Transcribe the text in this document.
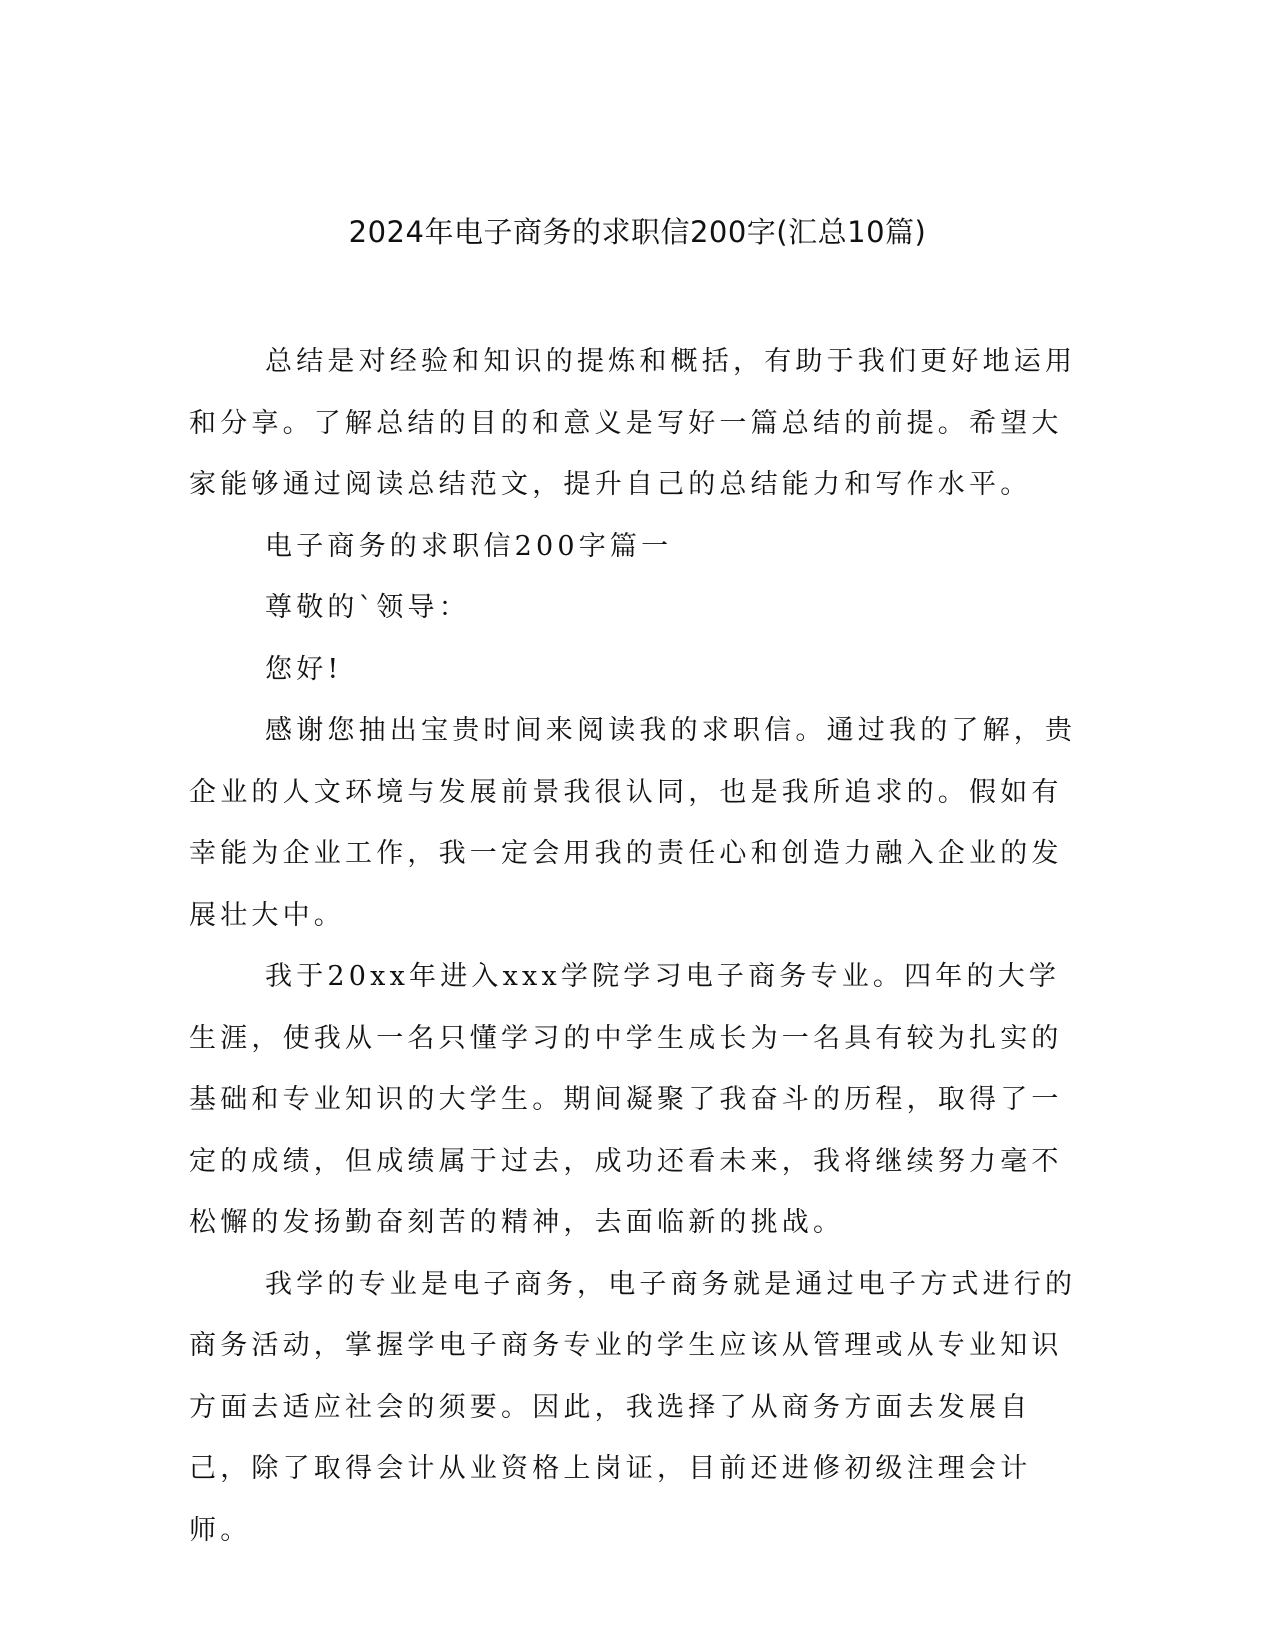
2024年电子商务的求职信200字(汇总10篇)

总结是对经验和知识的提炼和概括，有助于我们更好地运用和分享。了解总结的目的和意义是写好一篇总结的前提。希望大家能够通过阅读总结范文，提升自己的总结能力和写作水平。

电子商务的求职信200字篇一

尊敬的`领导：

您好!

感谢您抽出宝贵时间来阅读我的求职信。通过我的了解，贵企业的人文环境与发展前景我很认同，也是我所追求的。假如有幸能为企业工作，我一定会用我的责任心和创造力融入企业的发展壮大中。

我于20xx年进入xxx学院学习电子商务专业。四年的大学生涯，使我从一名只懂学习的中学生成长为一名具有较为扎实的基础和专业知识的大学生。期间凝聚了我奋斗的历程，取得了一定的成绩，但成绩属于过去，成功还看未来，我将继续努力毫不松懈的发扬勤奋刻苦的精神，去面临新的挑战。

我学的专业是电子商务，电子商务就是通过电子方式进行的商务活动，掌握学电子商务专业的学生应该从管理或从专业知识方面去适应社会的须要。因此，我选择了从商务方面去发展自己，除了取得会计从业资格上岗证，目前还进修初级注理会计师。
